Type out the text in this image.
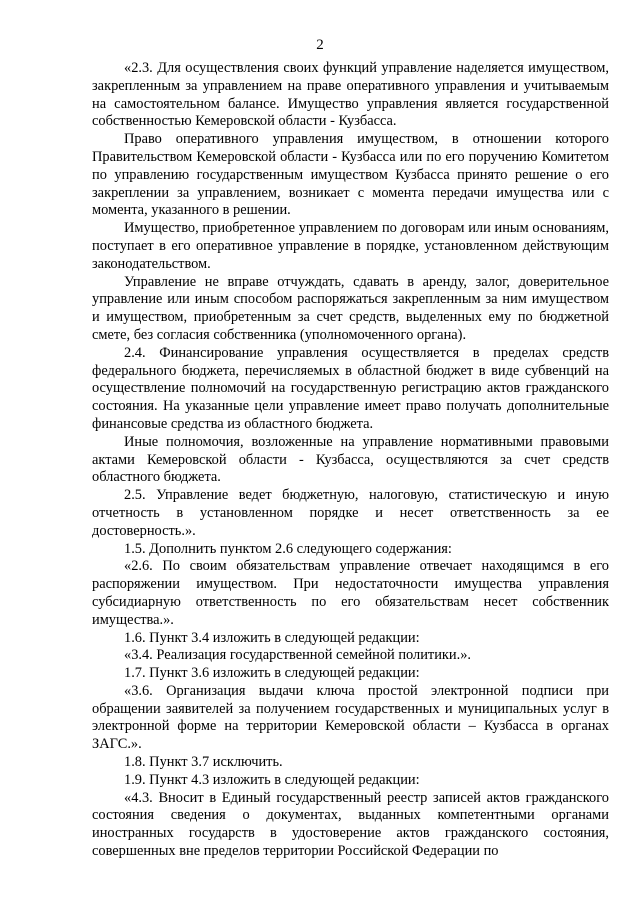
2

«2.3. Для осуществления своих функций управление наделяется имуществом, закрепленным за управлением на праве оперативного управления и учитываемым на самостоятельном балансе. Имущество управления является государственной собственностью Кемеровской области - Кузбасса.

Право оперативного управления имуществом, в отношении которого Правительством Кемеровской области - Кузбасса или по его поручению Комитетом по управлению государственным имуществом Кузбасса принято решение о его закреплении за управлением, возникает с момента передачи имущества или с момента, указанного в решении.

Имущество, приобретенное управлением по договорам или иным основаниям, поступает в его оперативное управление в порядке, установленном действующим законодательством.

Управление не вправе отчуждать, сдавать в аренду, залог, доверительное управление или иным способом распоряжаться закрепленным за ним имуществом и имуществом, приобретенным за счет средств, выделенных ему по бюджетной смете, без согласия собственника (уполномоченного органа).

2.4. Финансирование управления осуществляется в пределах средств федерального бюджета, перечисляемых в областной бюджет в виде субвенций на осуществление полномочий на государственную регистрацию актов гражданского состояния. На указанные цели управление имеет право получать дополнительные финансовые средства из областного бюджета.

Иные полномочия, возложенные на управление нормативными правовыми актами Кемеровской области - Кузбасса, осуществляются за счет средств областного бюджета.

2.5. Управление ведет бюджетную, налоговую, статистическую и иную отчетность в установленном порядке и несет ответственность за ее достоверность.».

1.5. Дополнить пунктом 2.6 следующего содержания:

«2.6. По своим обязательствам управление отвечает находящимся в его распоряжении имуществом. При недостаточности имущества управления субсидиарную ответственность по его обязательствам несет собственник имущества.».

1.6. Пункт 3.4 изложить в следующей редакции:

«3.4. Реализация государственной семейной политики.».

1.7. Пункт 3.6 изложить в следующей редакции:

«3.6. Организация выдачи ключа простой электронной подписи при обращении заявителей за получением государственных и муниципальных услуг в электронной форме на территории Кемеровской области – Кузбасса в органах ЗАГС.».

1.8. Пункт 3.7 исключить.

1.9. Пункт 4.3 изложить в следующей редакции:

«4.3. Вносит в Единый государственный реестр записей актов гражданского состояния сведения о документах, выданных компетентными органами иностранных государств в удостоверение актов гражданского состояния, совершенных вне пределов территории Российской Федерации по
